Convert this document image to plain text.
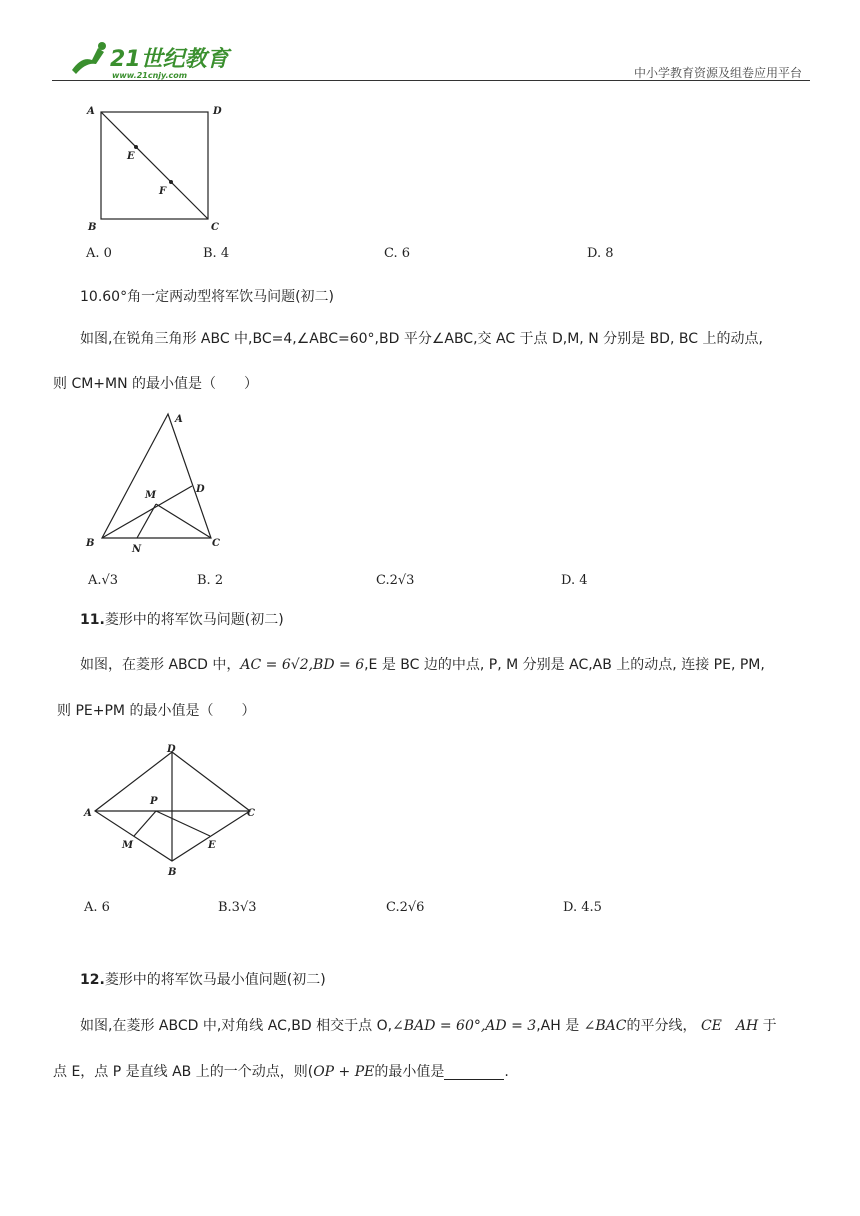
21世纪教育
www.21cnjy.com	中小学教育资源及组卷应用平台
A	D
B	C
E
F
A. 0	B. 4	C. 6	D. 8
10.60°角一定两动型将军饮马问题(初二)
如图,在锐角三角形 ABC 中,BC=4,∠ABC=60°,BD 平分∠ABC,交 AC 于点 D,M, N 分别是 BD, BC 上的动点,
则 CM+MN 的最小值是（　　）
A
D
M
B
N
C
A.√3	B. 2	C.2√3	D. 4
11.菱形中的将军饮马问题(初二)
如图，在菱形 ABCD 中，AC = 6√2,BD = 6,E 是 BC 边的中点, P, M 分别是 AC,AB 上的动点, 连接 PE, PM,
则 PE+PM 的最小值是（　　）
D
A	C
P
M	E
B
A. 6	B.3√3	C.2√6	D. 4.5
12.菱形中的将军饮马最小值问题(初二)
如图,在菱形 ABCD 中,对角线 AC,BD 相交于点 O,∠BAD = 60°,AD = 3,AH 是 ∠BAC的平分线， CE　AH 于
点 E，点 P 是直线 AB 上的一个动点，则(OP + PE的最小值是	.
